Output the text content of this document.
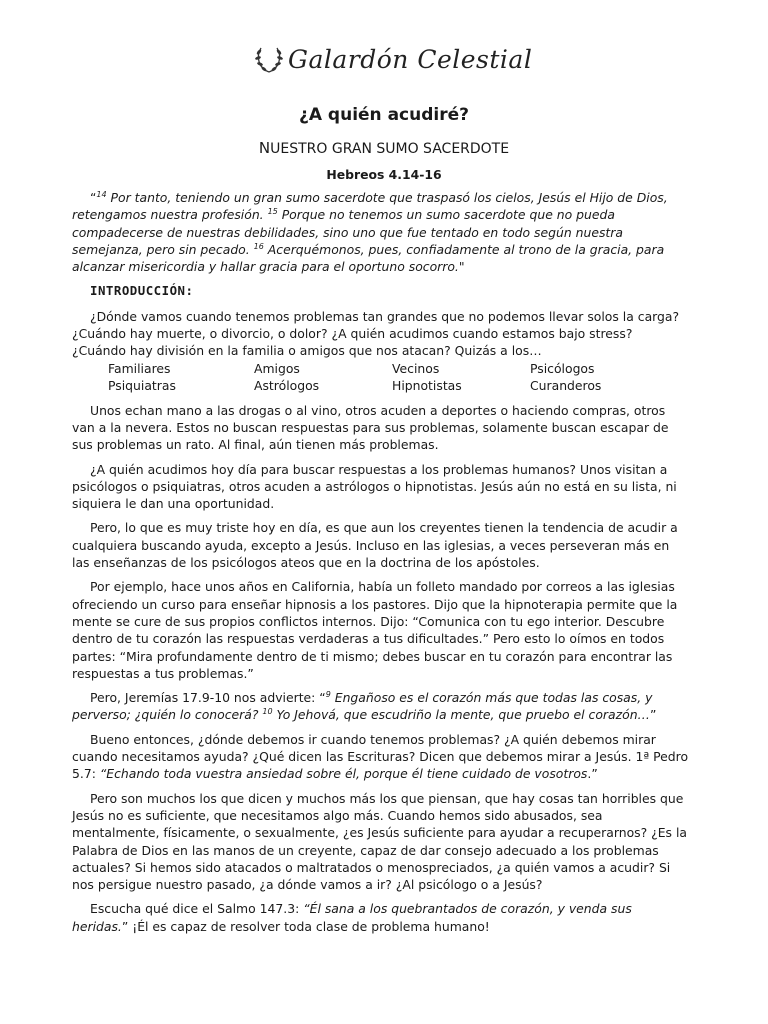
Galardón Celestial
¿A quién acudiré?
NUESTRO GRAN SUMO SACERDOTE
Hebreos 4.14-16

“$^{14}$ Por tanto, teniendo un gran sumo sacerdote que traspasó los cielos, Jesús el Hijo de Dios, retengamos nuestra profesión. $^{15}$ Porque no tenemos un sumo sacerdote que no pueda compadecerse de nuestras debilidades, sino uno que fue tentado en todo según nuestra semejanza, pero sin pecado. $^{16}$ Acerquémonos, pues, confiadamente al trono de la gracia, para alcanzar misericordia y hallar gracia para el oportuno socorro."

INTRODUCCIÓN:

¿Dónde vamos cuando tenemos problemas tan grandes que no podemos llevar solos la carga? ¿Cuándo hay muerte, o divorcio, o dolor? ¿A quién acudimos cuando estamos bajo stress? ¿Cuándo hay división en la familia o amigos que nos atacan? Quizás a los…

Familiares	Amigos	Vecinos	Psicólogos
Psiquiatras	Astrólogos	Hipnotistas	Curanderos

Unos echan mano a las drogas o al vino, otros acuden a deportes o haciendo compras, otros van a la nevera. Estos no buscan respuestas para sus problemas, solamente buscan escapar de sus problemas un rato. Al final, aún tienen más problemas.

¿A quién acudimos hoy día para buscar respuestas a los problemas humanos? Unos visitan a psicólogos o psiquiatras, otros acuden a astrólogos o hipnotistas. Jesús aún no está en su lista, ni siquiera le dan una oportunidad.

Pero, lo que es muy triste hoy en día, es que aun los creyentes tienen la tendencia de acudir a cualquiera buscando ayuda, excepto a Jesús. Incluso en las iglesias, a veces perseveran más en las enseñanzas de los psicólogos ateos que en la doctrina de los apóstoles.

Por ejemplo, hace unos años en California, había un folleto mandado por correos a las iglesias ofreciendo un curso para enseñar hipnosis a los pastores. Dijo que la hipnoterapia permite que la mente se cure de sus propios conflictos internos. Dijo: “Comunica con tu ego interior. Descubre dentro de tu corazón las respuestas verdaderas a tus dificultades.” Pero esto lo oímos en todos partes: “Mira profundamente dentro de ti mismo; debes buscar en tu corazón para encontrar las respuestas a tus problemas.”

Pero, Jeremías 17.9-10 nos advierte: “$^9$ Engañoso es el corazón más que todas las cosas, y perverso; ¿quién lo conocerá? $^{10}$ Yo Jehová, que escudriño la mente, que pruebo el corazón…”

Bueno entonces, ¿dónde debemos ir cuando tenemos problemas? ¿A quién debemos mirar cuando necesitamos ayuda? ¿Qué dicen las Escrituras? Dicen que debemos mirar a Jesús. 1ª Pedro 5.7: “Echando toda vuestra ansiedad sobre él, porque él tiene cuidado de vosotros.”

Pero son muchos los que dicen y muchos más los que piensan, que hay cosas tan horribles que Jesús no es suficiente, que necesitamos algo más. Cuando hemos sido abusados, sea mentalmente, físicamente, o sexualmente, ¿es Jesús suficiente para ayudar a recuperarnos? ¿Es la Palabra de Dios en las manos de un creyente, capaz de dar consejo adecuado a los problemas actuales? Si hemos sido atacados o maltratados o menospreciados, ¿a quién vamos a acudir? Si nos persigue nuestro pasado, ¿a dónde vamos a ir? ¿Al psicólogo o a Jesús?

Escucha qué dice el Salmo 147.3: “Él sana a los quebrantados de corazón, y venda sus heridas.” ¡Él es capaz de resolver toda clase de problema humano!
